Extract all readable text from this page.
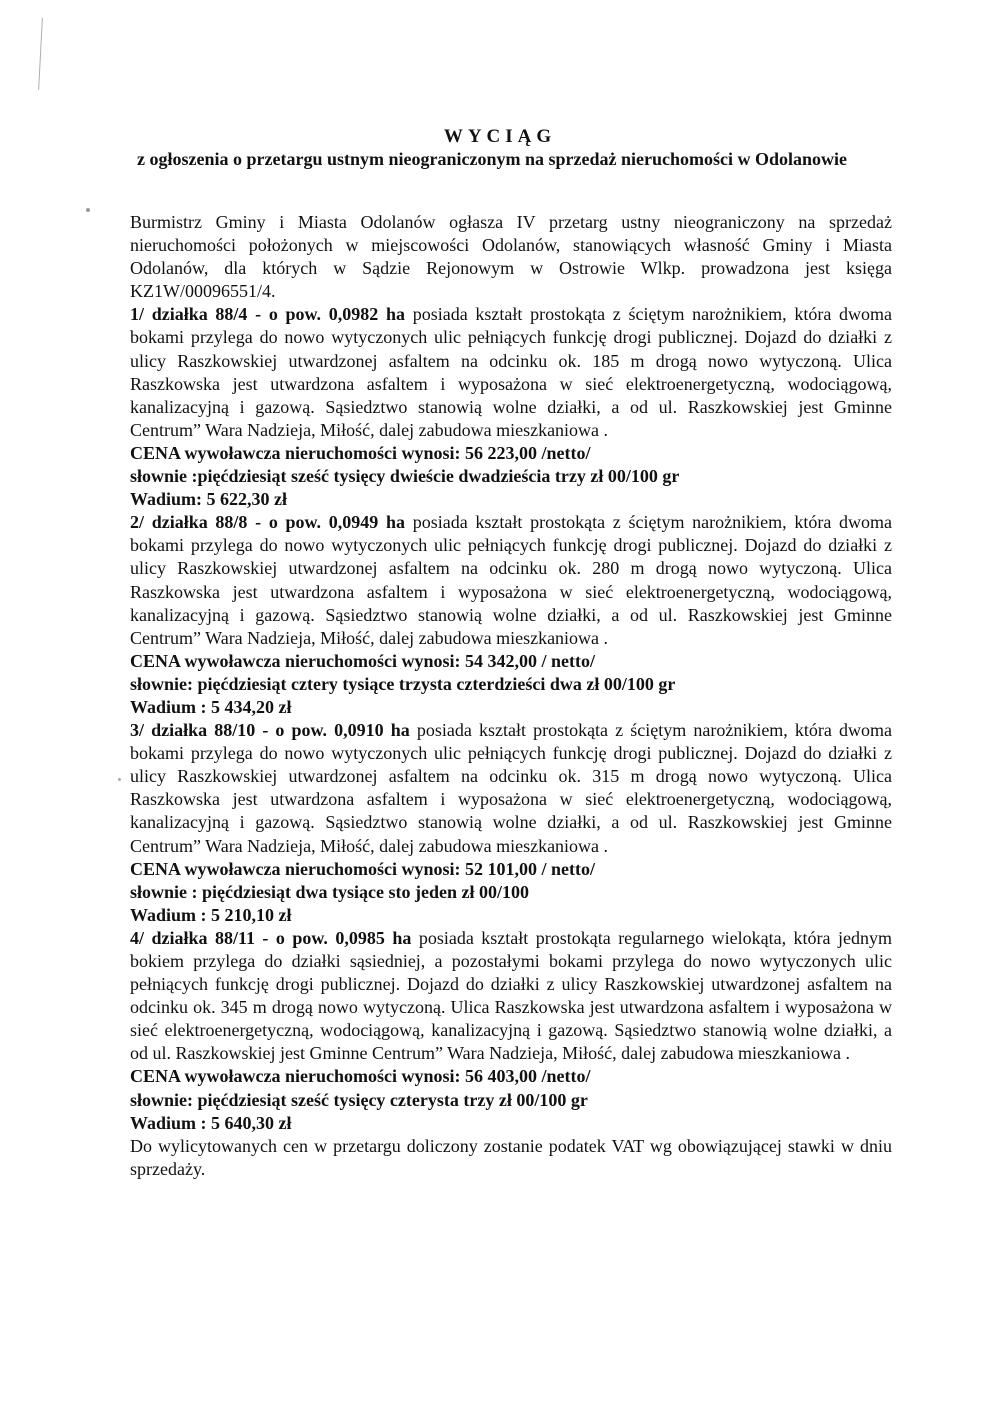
WYCIĄG
z ogłoszenia o przetargu ustnym nieograniczonym na sprzedaż nieruchomości w Odolanowie

Burmistrz Gminy i Miasta Odolanów ogłasza IV przetarg ustny nieograniczony na sprzedaż nieruchomości położonych w miejscowości Odolanów, stanowiących własność Gminy i Miasta Odolanów, dla których w Sądzie Rejonowym w Ostrowie Wlkp. prowadzona jest księga KZ1W/00096551/4.

1/ działka 88/4 - o pow. 0,0982 ha posiada kształt prostokąta z ściętym narożnikiem, która dwoma bokami przylega do nowo wytyczonych ulic pełniących funkcję drogi publicznej. Dojazd do działki z ulicy Raszkowskiej utwardzonej asfaltem na odcinku ok. 185 m drogą nowo wytyczoną. Ulica Raszkowska jest utwardzona asfaltem i wyposażona w sieć elektroenergetyczną, wodociągową, kanalizacyjną i gazową. Sąsiedztwo stanowią wolne działki, a od ul. Raszkowskiej jest Gminne Centrum” Wara Nadzieja, Miłość, dalej zabudowa mieszkaniowa .

CENA wywoławcza nieruchomości wynosi: 56 223,00 /netto/

słownie :pięćdziesiąt sześć tysięcy dwieście dwadzieścia trzy zł 00/100 gr

Wadium: 5 622,30 zł

2/ działka 88/8 - o pow. 0,0949 ha posiada kształt prostokąta z ściętym narożnikiem, która dwoma bokami przylega do nowo wytyczonych ulic pełniących funkcję drogi publicznej. Dojazd do działki z ulicy Raszkowskiej utwardzonej asfaltem na odcinku ok. 280 m drogą nowo wytyczoną. Ulica Raszkowska jest utwardzona asfaltem i wyposażona w sieć elektroenergetyczną, wodociągową, kanalizacyjną i gazową. Sąsiedztwo stanowią wolne działki, a od ul. Raszkowskiej jest Gminne Centrum” Wara Nadzieja, Miłość, dalej zabudowa mieszkaniowa .

CENA wywoławcza nieruchomości wynosi: 54 342,00 / netto/

słownie: pięćdziesiąt cztery tysiące trzysta czterdzieści dwa zł 00/100 gr

Wadium : 5 434,20 zł

3/ działka 88/10 - o pow. 0,0910 ha posiada kształt prostokąta z ściętym narożnikiem, która dwoma bokami przylega do nowo wytyczonych ulic pełniących funkcję drogi publicznej. Dojazd do działki z ulicy Raszkowskiej utwardzonej asfaltem na odcinku ok. 315 m drogą nowo wytyczoną. Ulica Raszkowska jest utwardzona asfaltem i wyposażona w sieć elektroenergetyczną, wodociągową, kanalizacyjną i gazową. Sąsiedztwo stanowią wolne działki, a od ul. Raszkowskiej jest Gminne Centrum” Wara Nadzieja, Miłość, dalej zabudowa mieszkaniowa .

CENA wywoławcza nieruchomości wynosi: 52 101,00 / netto/

słownie : pięćdziesiąt dwa tysiące sto jeden zł 00/100

Wadium : 5 210,10 zł

4/ działka 88/11 - o pow. 0,0985 ha posiada kształt prostokąta regularnego wielokąta, która jednym bokiem przylega do działki sąsiedniej, a pozostałymi bokami przylega do nowo wytyczonych ulic pełniących funkcję drogi publicznej. Dojazd do działki z ulicy Raszkowskiej utwardzonej asfaltem na odcinku ok. 345 m drogą nowo wytyczoną. Ulica Raszkowska jest utwardzona asfaltem i wyposażona w sieć elektroenergetyczną, wodociągową, kanalizacyjną i gazową. Sąsiedztwo stanowią wolne działki, a od ul. Raszkowskiej jest Gminne Centrum” Wara Nadzieja, Miłość, dalej zabudowa mieszkaniowa .

CENA wywoławcza nieruchomości wynosi: 56 403,00 /netto/

słownie: pięćdziesiąt sześć tysięcy czterysta trzy zł 00/100 gr

Wadium : 5 640,30 zł

Do wylicytowanych cen w przetargu doliczony zostanie podatek VAT wg obowiązującej stawki w dniu sprzedaży.
